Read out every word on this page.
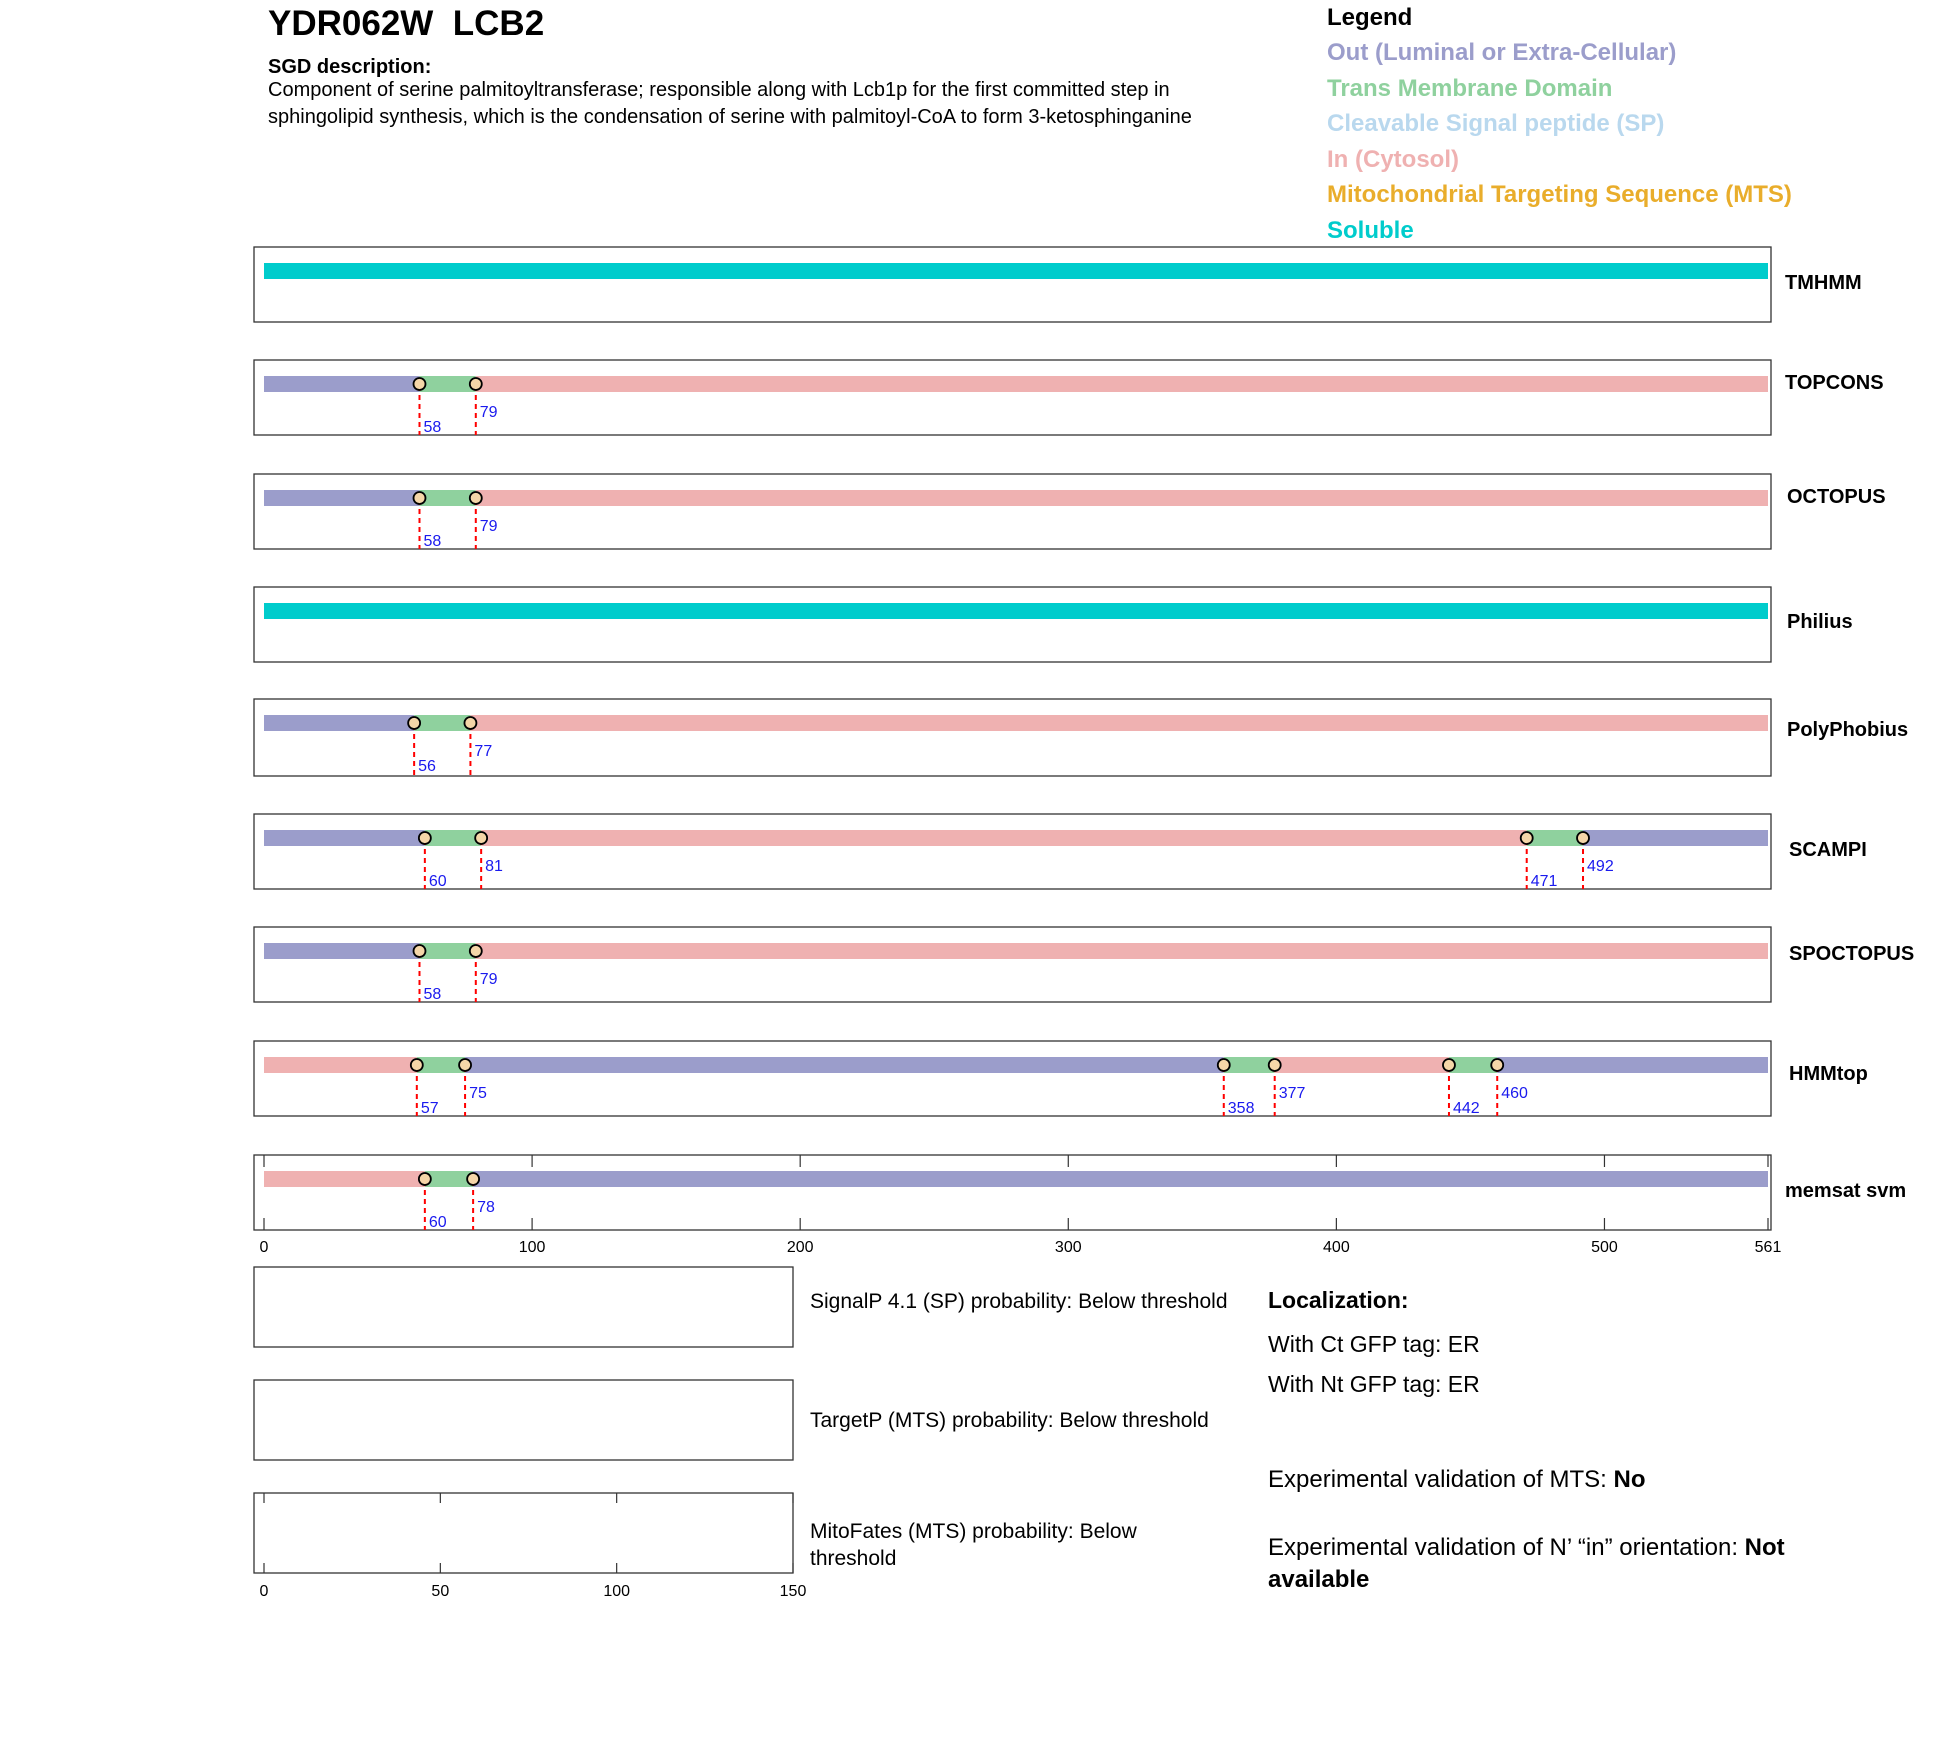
YDR062W  LCB2
SGD description:
Component of serine palmitoyltransferase; responsible along with Lcb1p for the first committed step in sphingolipid synthesis, which is the condensation of serine with palmitoyl-CoA to form 3-ketosphinganine
Legend
Out (Luminal or Extra-Cellular)
Trans Membrane Domain
Cleavable Signal peptide (SP)
In (Cytosol)
Mitochondrial Targeting Sequence (MTS)
Soluble
TMHMM
TOPCONS
58
79
OCTOPUS
58
79
Philius
PolyPhobius
56
77
SCAMPI
60
81
471
492
SPOCTOPUS
58
79
HMMtop
57
75
358
377
442
460
memsat svm
60
78
0	100	200	300	400	500	561
0	50	100	150
SignalP 4.1 (SP) probability: Below threshold
TargetP (MTS) probability: Below threshold
MitoFates (MTS) probability: Below
threshold
Localization:
With Ct GFP tag: ER
With Nt GFP tag: ER
Experimental validation of MTS: No
Experimental validation of N’ “in” orientation: Not
available
